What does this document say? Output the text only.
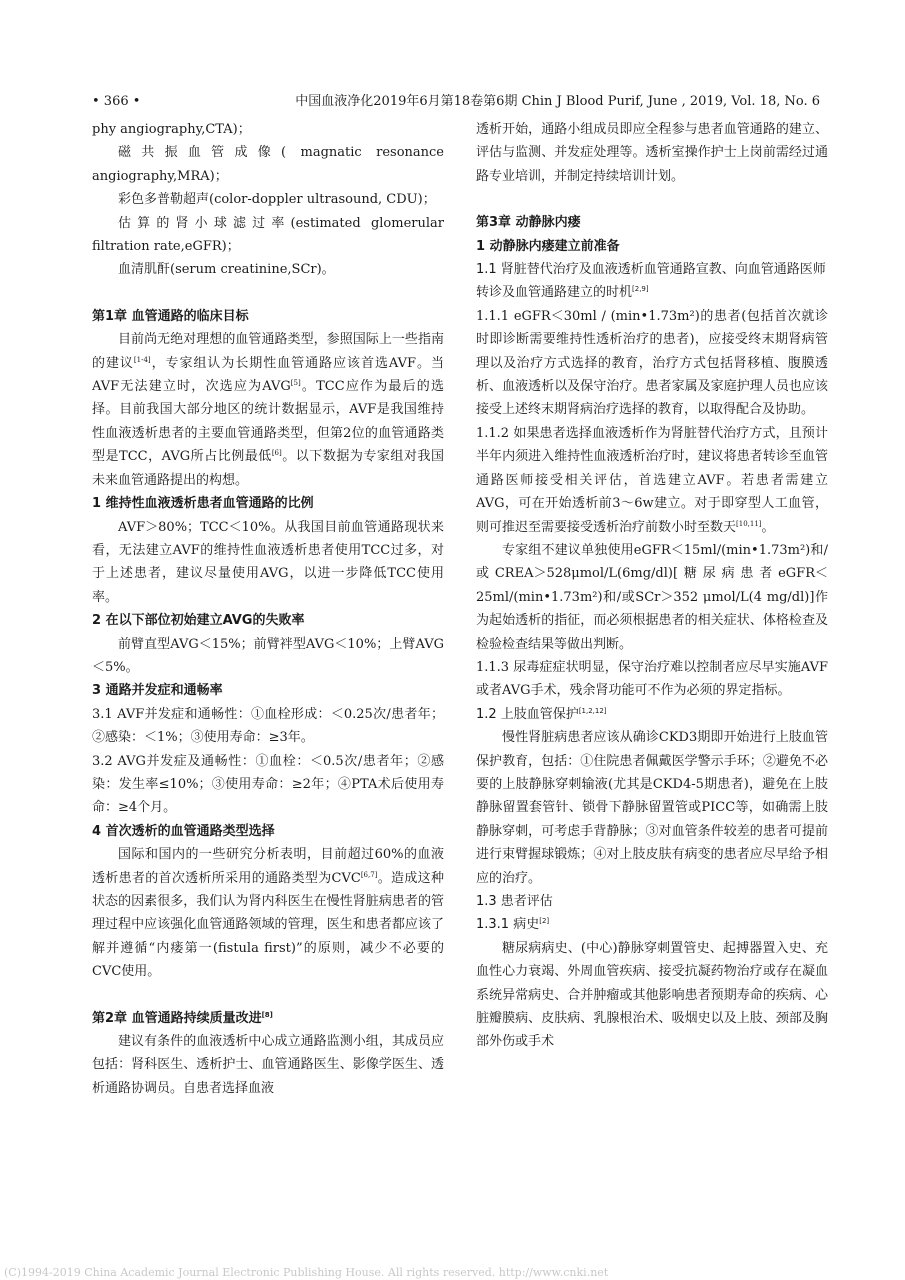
• 366 •	中国血液净化2019年6月第18卷第6期 Chin J Blood Purif, June , 2019, Vol. 18, No. 6

phy angiography,CTA)；

磁共振血管成像( magnatic resonance angiography,MRA)；

彩色多普勒超声(color-doppler ultrasound, CDU)；

估算的肾小球滤过率(estimated glomerular filtration rate,eGFR)；

血清肌酐(serum creatinine,SCr)。

第1章 血管通路的临床目标

目前尚无绝对理想的血管通路类型，参照国际上一些指南的建议[1-4]，专家组认为长期性血管通路应该首选AVF。当AVF无法建立时，次选应为AVG[5]。TCC应作为最后的选择。目前我国大部分地区的统计数据显示，AVF是我国维持性血液透析患者的主要血管通路类型，但第2位的血管通路类型是TCC，AVG所占比例最低[6]。以下数据为专家组对我国未来血管通路提出的构想。

1 维持性血液透析患者血管通路的比例

AVF＞80%；TCC＜10%。从我国目前血管通路现状来看，无法建立AVF的维持性血液透析患者使用TCC过多，对于上述患者，建议尽量使用AVG，以进一步降低TCC使用率。

2 在以下部位初始建立AVG的失败率

前臂直型AVG＜15%；前臂袢型AVG＜10%；上臂AVG＜5%。

3 通路并发症和通畅率

3.1 AVF并发症和通畅性：①血栓形成：＜0.25次/患者年；②感染：＜1%；③使用寿命：≥3年。

3.2 AVG并发症及通畅性：①血栓：＜0.5次/患者年；②感染：发生率≤10%；③使用寿命：≥2年；④PTA术后使用寿命：≥4个月。

4 首次透析的血管通路类型选择

国际和国内的一些研究分析表明，目前超过60%的血液透析患者的首次透析所采用的通路类型为CVC[6,7]。造成这种状态的因素很多，我们认为肾内科医生在慢性肾脏病患者的管理过程中应该强化血管通路领域的管理，医生和患者都应该了解并遵循“内瘘第一(fistula first)”的原则，减少不必要的CVC使用。

第2章 血管通路持续质量改进[8]

建议有条件的血液透析中心成立通路监测小组，其成员应包括：肾科医生、透析护士、血管通路医生、影像学医生、透析通路协调员。自患者选择血液

透析开始，通路小组成员即应全程参与患者血管通路的建立、评估与监测、并发症处理等。透析室操作护士上岗前需经过通路专业培训，并制定持续培训计划。

第3章 动静脉内瘘
1 动静脉内瘘建立前准备
1.1 肾脏替代治疗及血液透析血管通路宣教、向血管通路医师转诊及血管通路建立的时机[2,9]

1.1.1 eGFR＜30ml / (min•1.73m²)的患者(包括首次就诊时即诊断需要维持性透析治疗的患者)，应接受终末期肾病管理以及治疗方式选择的教育，治疗方式包括肾移植、腹膜透析、血液透析以及保守治疗。患者家属及家庭护理人员也应该接受上述终末期肾病治疗选择的教育，以取得配合及协助。

1.1.2 如果患者选择血液透析作为肾脏替代治疗方式，且预计半年内须进入维持性血液透析治疗时，建议将患者转诊至血管通路医师接受相关评估，首选建立AVF。若患者需建立AVG，可在开始透析前3～6w建立。对于即穿型人工血管，则可推迟至需要接受透析治疗前数小时至数天[10,11]。

专家组不建议单独使用eGFR＜15ml/(min•1.73m²)和/或CREA＞528μmol/L(6mg/dl)[糖尿病患者eGFR＜25ml/(min•1.73m²)和/或SCr＞352 μmol/L(4 mg/dl)]作为起始透析的指征，而必须根据患者的相关症状、体格检查及检验检查结果等做出判断。

1.1.3 尿毒症症状明显，保守治疗难以控制者应尽早实施AVF或者AVG手术，残余肾功能可不作为必须的界定指标。

1.2 上肢血管保护[1,2,12]

慢性肾脏病患者应该从确诊CKD3期即开始进行上肢血管保护教育，包括：①住院患者佩戴医学警示手环；②避免不必要的上肢静脉穿刺输液(尤其是CKD4-5期患者)，避免在上肢静脉留置套管针、锁骨下静脉留置管或PICC等，如确需上肢静脉穿刺，可考虑手背静脉；③对血管条件较差的患者可提前进行束臂握球锻炼；④对上肢皮肤有病变的患者应尽早给予相应的治疗。

1.3 患者评估
1.3.1 病史[2]

糖尿病病史、(中心)静脉穿刺置管史、起搏器置入史、充血性心力衰竭、外周血管疾病、接受抗凝药物治疗或存在凝血系统异常病史、合并肿瘤或其他影响患者预期寿命的疾病、心脏瓣膜病、皮肤病、乳腺根治术、吸烟史以及上肢、颈部及胸部外伤或手术

(C)1994-2019 China Academic Journal Electronic Publishing House. All rights reserved. http://www.cnki.net
